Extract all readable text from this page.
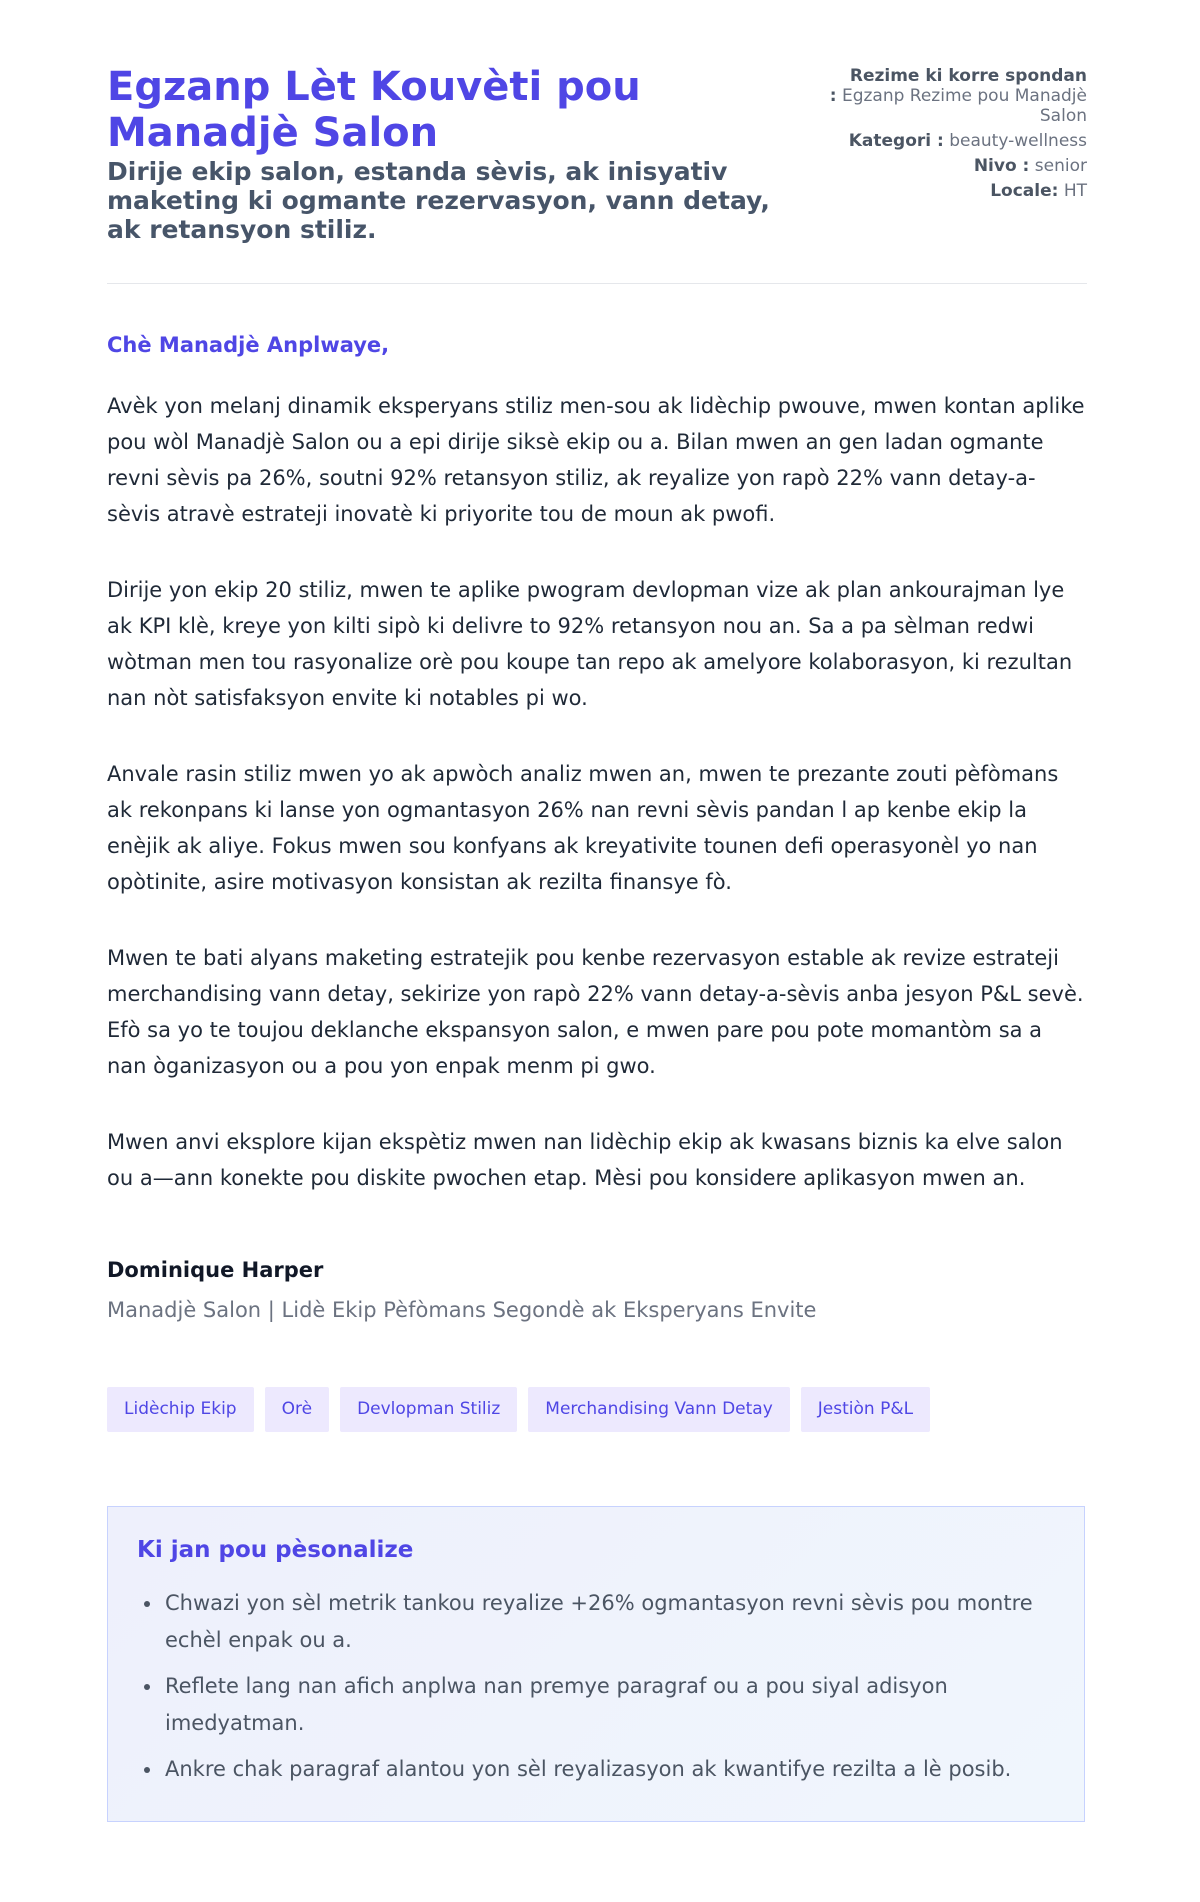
Egzanp Lèt Kouvèti pou Manadjè Salon
Dirije ekip salon, estanda sèvis, ak inisyativ maketing ki ogmante rezervasyon, vann detay, ak retansyon stiliz.
Rezime ki korre spondan
: Egzanp Rezime pou Manadjè Salon
Kategori : beauty-wellness
Nivo : senior
Locale: HT

Chè Manadjè Anplwaye,

Avèk yon melanj dinamik eksperyans stiliz men-sou ak lidèchip pwouve, mwen kontan aplike pou wòl Manadjè Salon ou a epi dirije siksè ekip ou a. Bilan mwen an gen ladan ogmante revni sèvis pa 26%, soutni 92% retansyon stiliz, ak reyalize yon rapò 22% vann detay-a-sèvis atravè estrateji inovatè ki priyorite tou de moun ak pwofi.

Dirije yon ekip 20 stiliz, mwen te aplike pwogram devlopman vize ak plan ankourajman lye ak KPI klè, kreye yon kilti sipò ki delivre to 92% retansyon nou an. Sa a pa sèlman redwi wòtman men tou rasyonalize orè pou koupe tan repo ak amelyore kolaborasyon, ki rezultan nan nòt satisfaksyon envite ki notables pi wo.

Anvale rasin stiliz mwen yo ak apwòch analiz mwen an, mwen te prezante zouti pèfòmans ak rekonpans ki lanse yon ogmantasyon 26% nan revni sèvis pandan l ap kenbe ekip la enèjik ak aliye. Fokus mwen sou konfyans ak kreyativite tounen defi operasyonèl yo nan opòtinite, asire motivasyon konsistan ak rezilta finansye fò.

Mwen te bati alyans maketing estratejik pou kenbe rezervasyon estable ak revize estrateji merchandising vann detay, sekirize yon rapò 22% vann detay-a-sèvis anba jesyon P&L sevè. Efò sa yo te toujou deklanche ekspansyon salon, e mwen pare pou pote momantòm sa a nan òganizasyon ou a pou yon enpak menm pi gwo.

Mwen anvi eksplore kijan ekspètiz mwen nan lidèchip ekip ak kwasans biznis ka elve salon ou a—ann konekte pou diskite pwochen etap. Mèsi pou konsidere aplikasyon mwen an.

Dominique Harper

Manadjè Salon | Lidè Ekip Pèfòmans Segondè ak Eksperyans Envite

Lidèchip Ekip	Orè	Devlopman Stiliz	Merchandising Vann Detay	Jestiòn P&L
Ki jan pou pèsonalize
• Chwazi yon sèl metrik tankou reyalize +26% ogmantasyon revni sèvis pou montre echèl enpak ou a.
• Reflete lang nan afich anplwa nan premye paragraf ou a pou siyal adisyon imedyatman.
• Ankre chak paragraf alantou yon sèl reyalizasyon ak kwantifye rezilta a lè posib.
